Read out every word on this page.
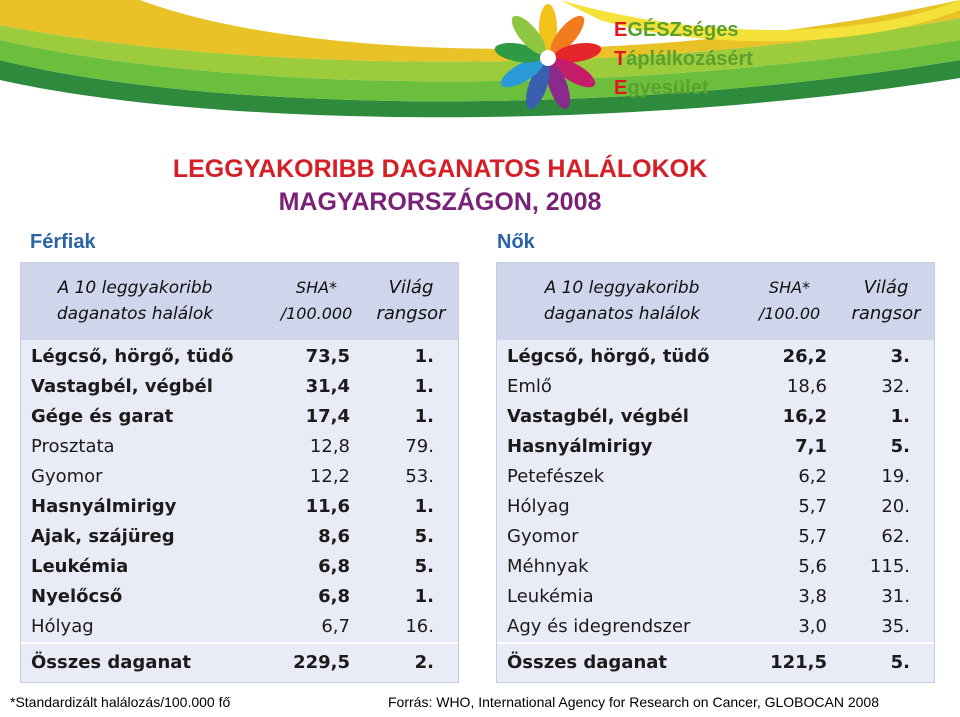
EGÉSZséges
Táplálkozásért
Egyesület
LEGGYAKORIBB DAGANATOS HALÁLOKOK
MAGYARORSZÁGON, 2008
Férfiak	Nők
A 10 leggyakoribb
daganatos halálok
SHA*
/100.000
Világ
rangsor
Légcső, hörgő, tüdő	73,5	1.
Vastagbél, végbél	31,4	1.
Gége és garat	17,4	1.
Prosztata	12,8	79.
Gyomor	12,2	53.
Hasnyálmirigy	11,6	1.
Ajak, szájüreg	8,6	5.
Leukémia	6,8	5.
Nyelőcső	6,8	1.
Hólyag	6,7	16.
Összes daganat	229,5	2.
A 10 leggyakoribb
daganatos halálok
SHA*
/100.00
Világ
rangsor
Légcső, hörgő, tüdő	26,2	3.
Emlő	18,6	32.
Vastagbél, végbél	16,2	1.
Hasnyálmirigy	7,1	5.
Petefészek	6,2	19.
Hólyag	5,7	20.
Gyomor	5,7	62.
Méhnyak	5,6 115.
Leukémia	3,8	31.
Agy és idegrendszer	3,0	35.
Összes daganat	121,5	5.
*Standardizált halálozás/100.000 fő	Forrás: WHO, International Agency for Research on Cancer, GLOBOCAN 2008
